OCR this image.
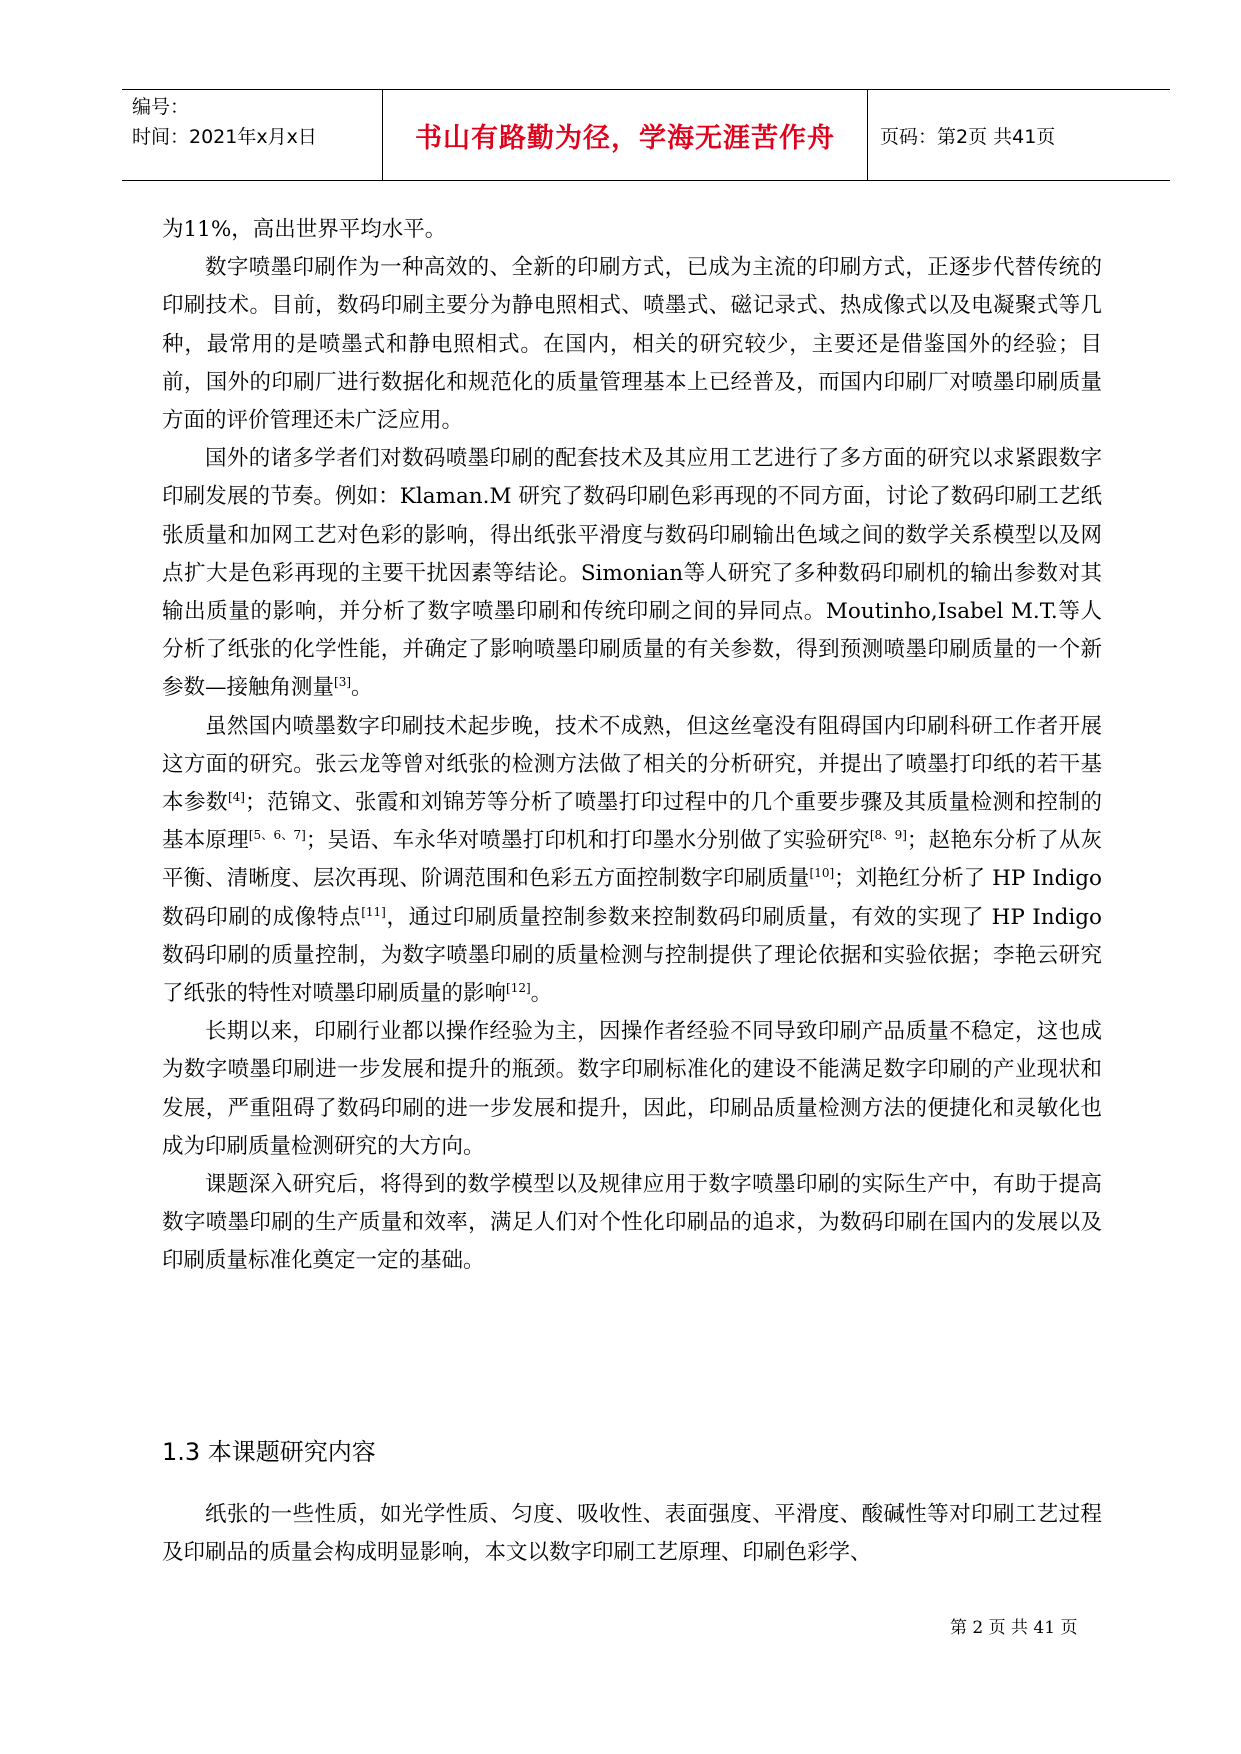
编号：
时间：2021年x月x日	书山有路勤为径，学海无涯苦作舟	页码：第2页 共41页

为11%，高出世界平均水平。

数字喷墨印刷作为一种高效的、全新的印刷方式，已成为主流的印刷方式，正逐步代替传统的印刷技术。目前，数码印刷主要分为静电照相式、喷墨式、磁记录式、热成像式以及电凝聚式等几种，最常用的是喷墨式和静电照相式。在国内，相关的研究较少，主要还是借鉴国外的经验；目前，国外的印刷厂进行数据化和规范化的质量管理基本上已经普及，而国内印刷厂对喷墨印刷质量方面的评价管理还未广泛应用。

国外的诸多学者们对数码喷墨印刷的配套技术及其应用工艺进行了多方面的研究以求紧跟数字印刷发展的节奏。例如：Klaman.M 研究了数码印刷色彩再现的不同方面，讨论了数码印刷工艺纸张质量和加网工艺对色彩的影响，得出纸张平滑度与数码印刷输出色域之间的数学关系模型以及网点扩大是色彩再现的主要干扰因素等结论。Simonian等人研究了多种数码印刷机的输出参数对其输出质量的影响，并分析了数字喷墨印刷和传统印刷之间的异同点。Moutinho,Isabel M.T.等人分析了纸张的化学性能，并确定了影响喷墨印刷质量的有关参数，得到预测喷墨印刷质量的一个新参数—接触角测量[3]。

虽然国内喷墨数字印刷技术起步晚，技术不成熟，但这丝毫没有阻碍国内印刷科研工作者开展这方面的研究。张云龙等曾对纸张的检测方法做了相关的分析研究，并提出了喷墨打印纸的若干基本参数[4]；范锦文、张霞和刘锦芳等分析了喷墨打印过程中的几个重要步骤及其质量检测和控制的基本原理[5、6、7]；吴语、车永华对喷墨打印机和打印墨水分别做了实验研究[8、9]；赵艳东分析了从灰平衡、清晰度、层次再现、阶调范围和色彩五方面控制数字印刷质量[10]；刘艳红分析了 HP Indigo 数码印刷的成像特点[11]，通过印刷质量控制参数来控制数码印刷质量，有效的实现了 HP Indigo 数码印刷的质量控制，为数字喷墨印刷的质量检测与控制提供了理论依据和实验依据；李艳云研究了纸张的特性对喷墨印刷质量的影响[12]。

长期以来，印刷行业都以操作经验为主，因操作者经验不同导致印刷产品质量不稳定，这也成为数字喷墨印刷进一步发展和提升的瓶颈。数字印刷标准化的建设不能满足数字印刷的产业现状和发展，严重阻碍了数码印刷的进一步发展和提升，因此，印刷品质量检测方法的便捷化和灵敏化也成为印刷质量检测研究的大方向。

课题深入研究后，将得到的数学模型以及规律应用于数字喷墨印刷的实际生产中，有助于提高数字喷墨印刷的生产质量和效率，满足人们对个性化印刷品的追求，为数码印刷在国内的发展以及印刷质量标准化奠定一定的基础。

1.3 本课题研究内容

纸张的一些性质，如光学性质、匀度、吸收性、表面强度、平滑度、酸碱性等对印刷工艺过程及印刷品的质量会构成明显影响，本文以数字印刷工艺原理、印刷色彩学、

第 2 页 共 41 页
